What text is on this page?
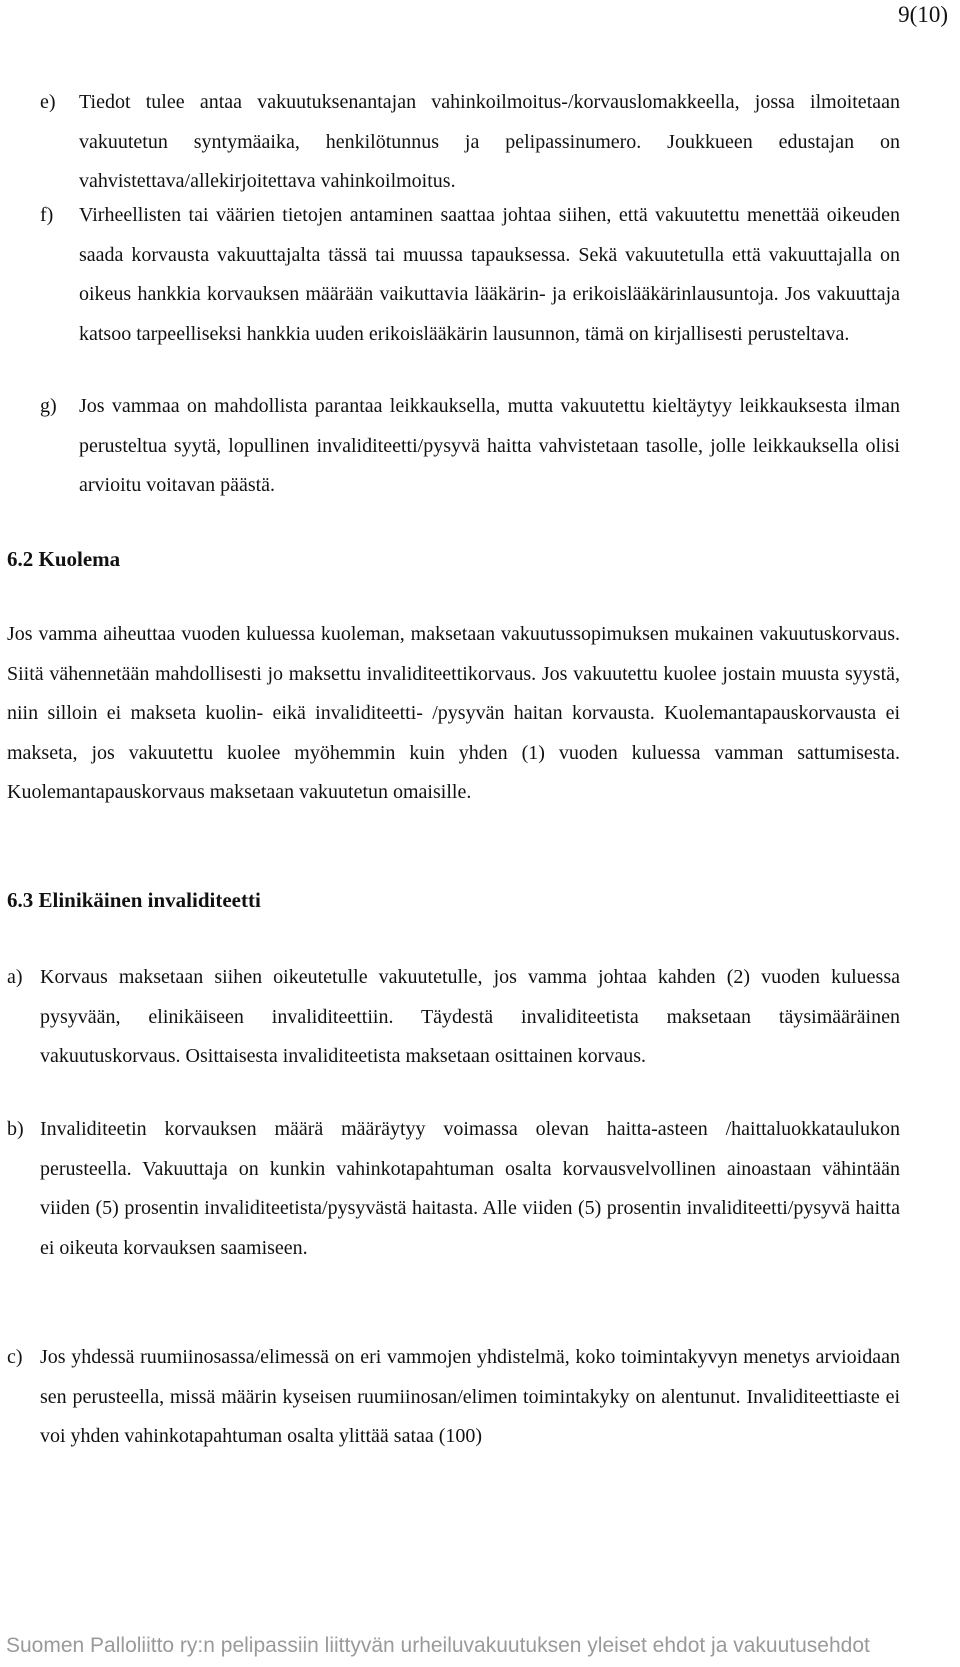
9(10)
e) Tiedot tulee antaa vakuutuksenantajan vahinkoilmoitus-/korvauslomakkeella, jossa ilmoitetaan vakuutetun syntymäaika, henkilötunnus ja pelipassinumero. Joukkueen edustajan on vahvistettava/allekirjoitettava vahinkoilmoitus.

f) Virheellisten tai väärien tietojen antaminen saattaa johtaa siihen, että vakuutettu menettää oikeuden saada korvausta vakuuttajalta tässä tai muussa tapauksessa. Sekä vakuutetulla että vakuuttajalla on oikeus hankkia korvauksen määrään vaikuttavia lääkärin- ja erikoislääkärinlausuntoja. Jos vakuuttaja katsoo tarpeelliseksi hankkia uuden erikoislääkärin lausunnon, tämä on kirjallisesti perusteltava.

g) Jos vammaa on mahdollista parantaa leikkauksella, mutta vakuutettu kieltäytyy leikkauksesta ilman perusteltua syytä, lopullinen invaliditeetti/pysyvä haitta vahvistetaan tasolle, jolle leikkauksella olisi arvioitu voitavan päästä.

6.2 Kuolema

Jos vamma aiheuttaa vuoden kuluessa kuoleman, maksetaan vakuutussopimuksen mukainen vakuutuskorvaus. Siitä vähennetään mahdollisesti jo maksettu invaliditeettikorvaus. Jos vakuutettu kuolee jostain muusta syystä, niin silloin ei makseta kuolin- eikä invaliditeetti- /pysyvän haitan korvausta. Kuolemantapauskorvausta ei makseta, jos vakuutettu kuolee myöhemmin kuin yhden (1) vuoden kuluessa vamman sattumisesta. Kuolemantapauskorvaus maksetaan vakuutetun omaisille.

6.3 Elinikäinen invaliditeetti
a) Korvaus maksetaan siihen oikeutetulle vakuutetulle, jos vamma johtaa kahden (2) vuoden kuluessa pysyvään, elinikäiseen invaliditeettiin. Täydestä invaliditeetista maksetaan täysimääräinen vakuutuskorvaus. Osittaisesta invaliditeetista maksetaan osittainen korvaus.

b) Invaliditeetin korvauksen määrä määräytyy voimassa olevan haitta-asteen /haittaluokkataulukon perusteella. Vakuuttaja on kunkin vahinkotapahtuman osalta korvausvelvollinen ainoastaan vähintään viiden (5) prosentin invaliditeetista/pysyvästä haitasta. Alle viiden (5) prosentin invaliditeetti/pysyvä haitta ei oikeuta korvauksen saamiseen.

c) Jos yhdessä ruumiinosassa/elimessä on eri vammojen yhdistelmä, koko toimintakyvyn menetys arvioidaan sen perusteella, missä määrin kyseisen ruumiinosan/elimen toimintakyky on alentunut. Invaliditeettiaste ei voi yhden vahinkotapahtuman osalta ylittää sataa (100)

Suomen Palloliitto ry:n pelipassiin liittyvän urheiluvakuutuksen yleiset ehdot ja vakuutusehdot
